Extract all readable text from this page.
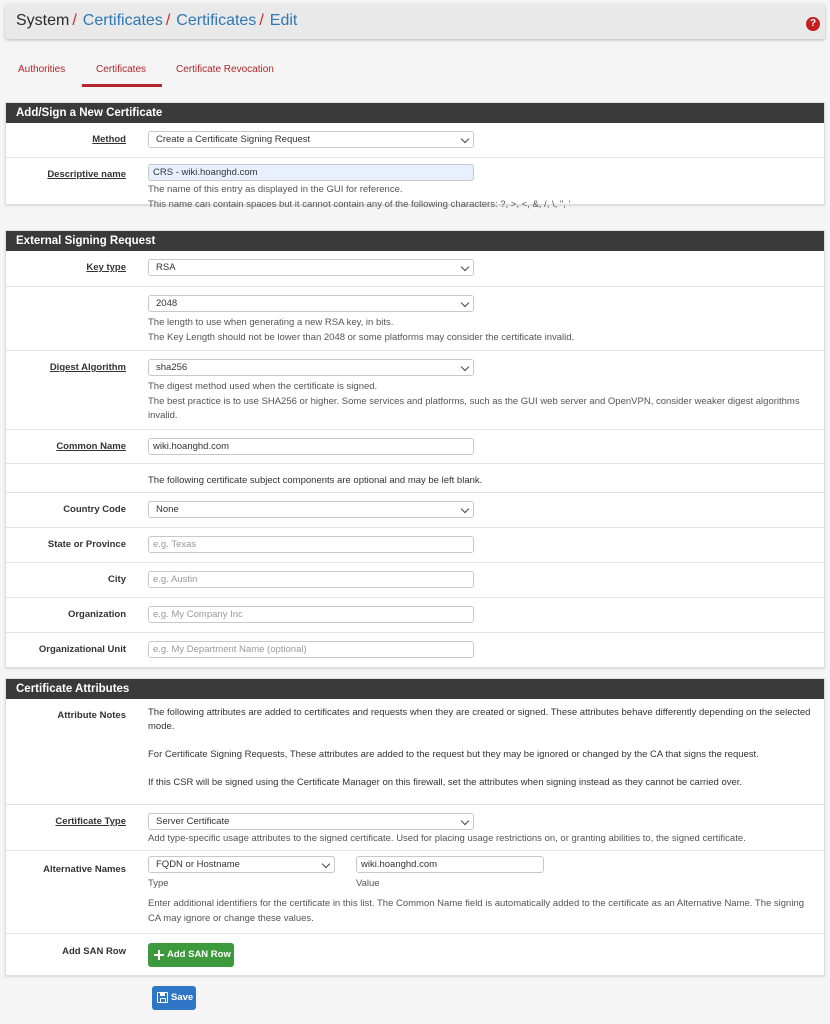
System / Certificates / Certificates / Edit	?
Authorities	Certificates	Certificate Revocation
Add/Sign a New Certificate
Method	Create a Certificate Signing Request
Descriptive name	CRS - wiki.hoanghd.com
The name of this entry as displayed in the GUI for reference.
This name can contain spaces but it cannot contain any of the following characters: ?, >, <, &, /, \, ", '
External Signing Request
Key type	RSA
2048
The length to use when generating a new RSA key, in bits.
The Key Length should not be lower than 2048 or some platforms may consider the certificate invalid.
Digest Algorithm	sha256
The digest method used when the certificate is signed.
The best practice is to use SHA256 or higher. Some services and platforms, such as the GUI web server and OpenVPN, consider weaker digest algorithms invalid.
Common Name	wiki.hoanghd.com
The following certificate subject components are optional and may be left blank.
Country Code	None
State or Province	e.g. Texas
City	e.g. Austin
Organization	e.g. My Company Inc
Organizational Unit	e.g. My Department Name (optional)
Certificate Attributes
Attribute Notes The following attributes are added to certificates and requests when they are created or signed. These attributes behave differently depending on the selected mode.
For Certificate Signing Requests, These attributes are added to the request but they may be ignored or changed by the CA that signs the request.
If this CSR will be signed using the Certificate Manager on this firewall, set the attributes when signing instead as they cannot be carried over.
Certificate Type	Server Certificate
Add type-specific usage attributes to the signed certificate. Used for placing usage restrictions on, or granting abilities to, the signed certificate.
Alternative Names	FQDN or Hostname	wiki.hoanghd.com
Type	Value
Enter additional identifiers for the certificate in this list. The Common Name field is automatically added to the certificate as an Alternative Name. The signing CA may ignore or change these values.
Add SAN Row	Add SAN Row
Save
